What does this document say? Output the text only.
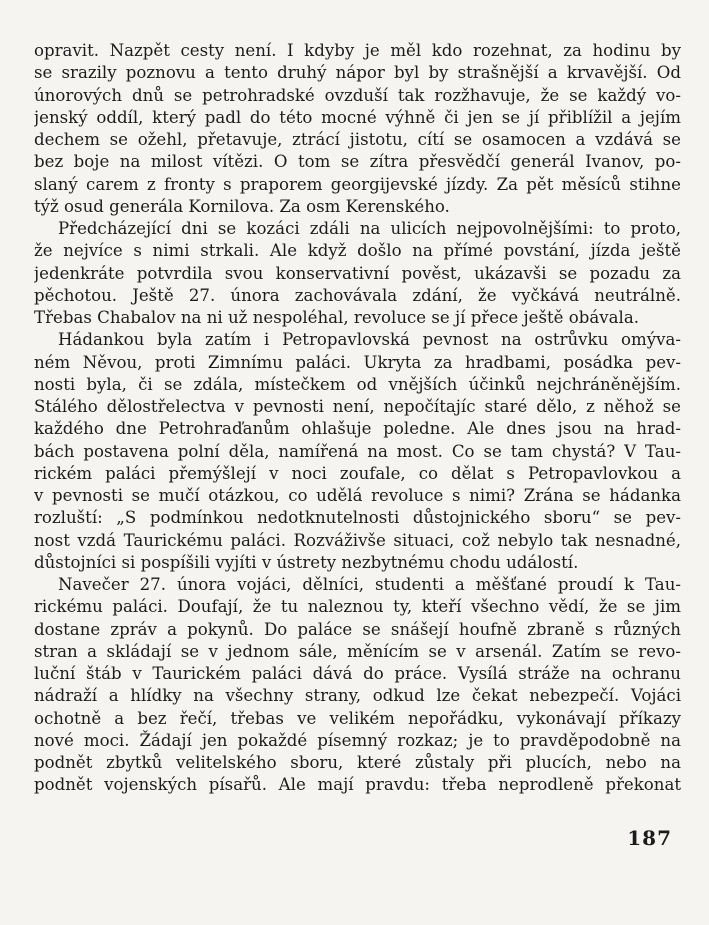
opravit. Nazpět cesty není. I kdyby je měl kdo rozehnat, za hodinu by
se srazily poznovu a tento druhý nápor byl by strašnější a krvavější. Od
únorových dnů se petrohradské ovzduší tak rozžhavuje, že se každý vo-
jenský oddíl, který padl do této mocné výhně či jen se jí přiblížil a jejím
dechem se ožehl, přetavuje, ztrácí jistotu, cítí se osamocen a vzdává se
bez boje na milost vítězi. O tom se zítra přesvědčí generál Ivanov, po-
slaný carem z fronty s praporem georgijevské jízdy. Za pět měsíců stihne
týž osud generála Kornilova. Za osm Kerenského.
Předcházející dni se kozáci zdáli na ulicích nejpovolnějšími: to proto,
že nejvíce s nimi strkali. Ale když došlo na přímé povstání, jízda ještě
jedenkráte potvrdila svou konservativní pověst, ukázavši se pozadu za
pěchotou. Ještě 27. února zachovávala zdání, že vyčkává neutrálně.
Třebas Chabalov na ni už nespoléhal, revoluce se jí přece ještě obávala.
Hádankou byla zatím i Petropavlovská pevnost na ostrůvku omýva-
ném Něvou, proti Zimnímu paláci. Ukryta za hradbami, posádka pev-
nosti byla, či se zdála, místečkem od vnějších účinků nejchráněnějším.
Stálého dělostřelectva v pevnosti není, nepočítajíc staré dělo, z něhož se
každého dne Petrohraďanům ohlašuje poledne. Ale dnes jsou na hrad-
bách postavena polní děla, namířená na most. Co se tam chystá? V Tau-
rickém paláci přemýšlejí v noci zoufale, co dělat s Petropavlovkou a
v pevnosti se mučí otázkou, co udělá revoluce s nimi? Zrána se hádanka
rozluští: „S podmínkou nedotknutelnosti důstojnického sboru“ se pev-
nost vzdá Taurickému paláci. Rozváživše situaci, což nebylo tak nesnadné,
důstojníci si pospíšili vyjíti v ústrety nezbytnému chodu událostí.
Navečer 27. února vojáci, dělníci, studenti a měšťané proudí k Tau-
rickému paláci. Doufají, že tu naleznou ty, kteří všechno vědí, že se jim
dostane zpráv a pokynů. Do paláce se snášejí houfně zbraně s různých
stran a skládají se v jednom sále, měnícím se v arsenál. Zatím se revo-
luční štáb v Taurickém paláci dává do práce. Vysílá stráže na ochranu
nádraží a hlídky na všechny strany, odkud lze čekat nebezpečí. Vojáci
ochotně a bez řečí, třebas ve velikém nepořádku, vykonávají příkazy
nové moci. Žádají jen pokaždé písemný rozkaz; je to pravděpodobně na
podnět zbytků velitelského sboru, které zůstaly při plucích, nebo na
podnět vojenských písařů. Ale mají pravdu: třeba neprodleně překonat
187
